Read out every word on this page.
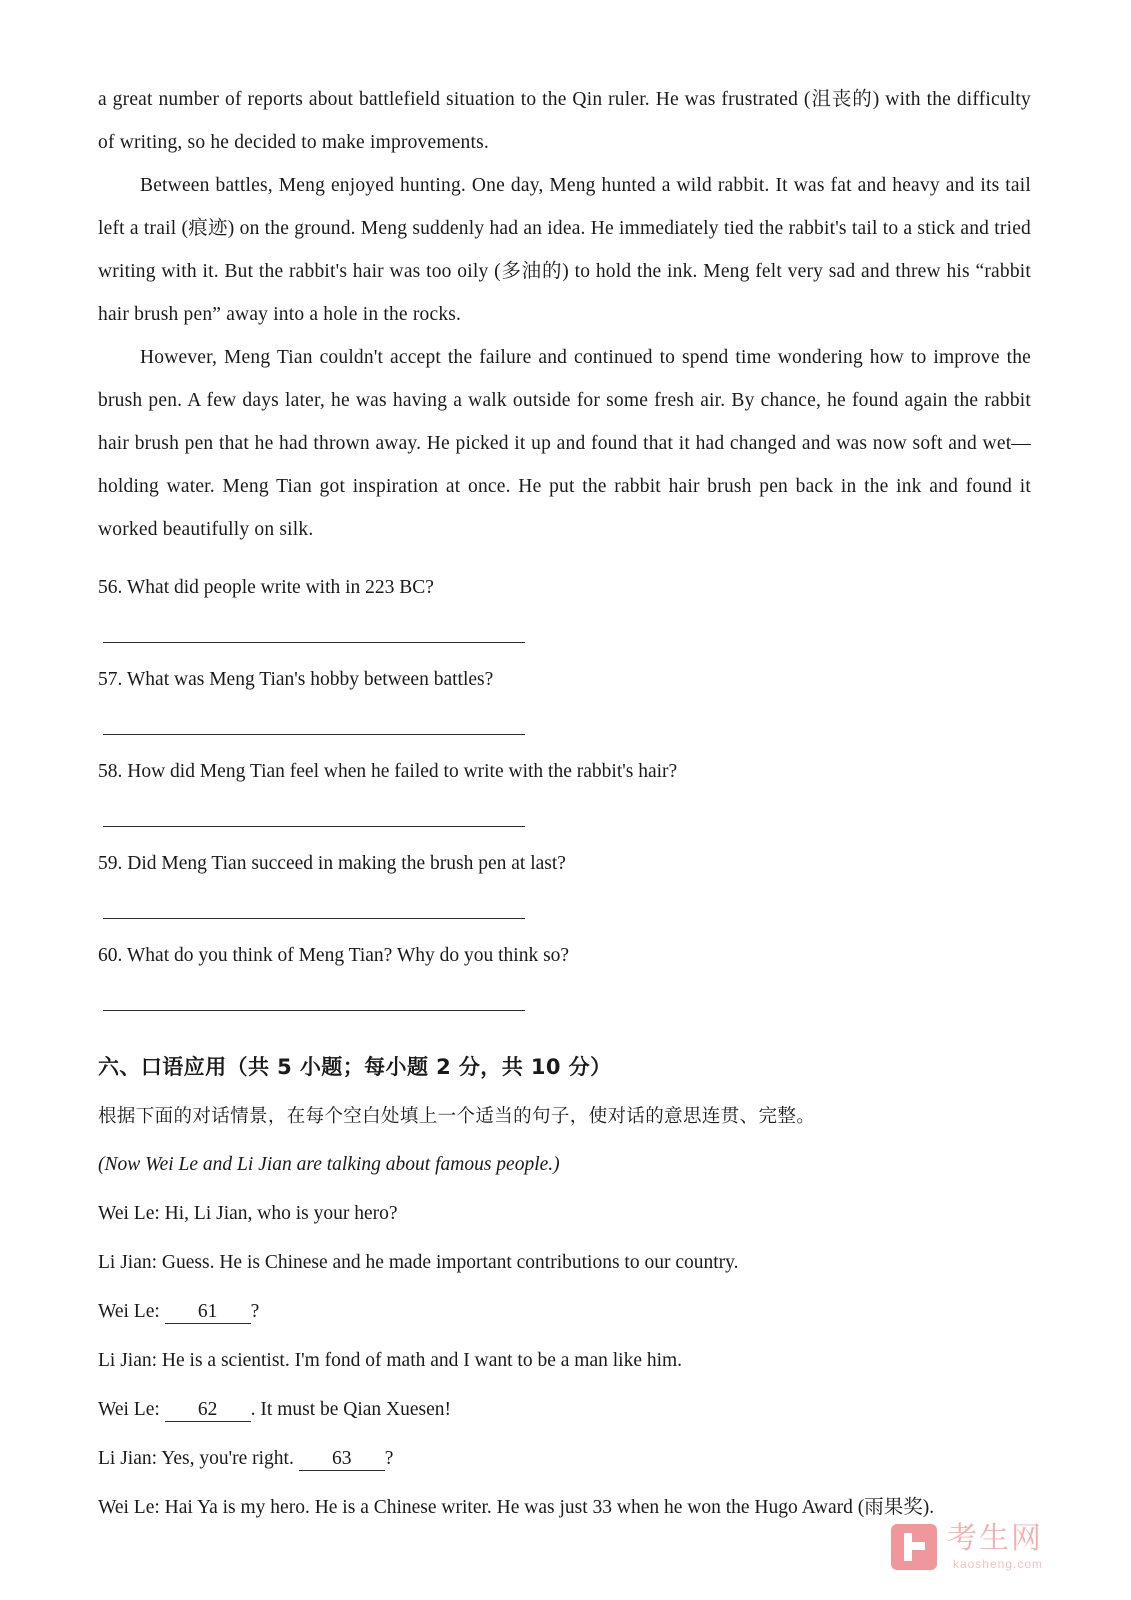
a great number of reports about battlefield situation to the Qin ruler. He was frustrated (沮丧的) with the difficulty of writing, so he decided to make improvements.

Between battles, Meng enjoyed hunting. One day, Meng hunted a wild rabbit. It was fat and heavy and its tail left a trail (痕迹) on the ground. Meng suddenly had an idea. He immediately tied the rabbit's tail to a stick and tried writing with it. But the rabbit's hair was too oily (多油的) to hold the ink. Meng felt very sad and threw his “rabbit hair brush pen” away into a hole in the rocks.

However, Meng Tian couldn't accept the failure and continued to spend time wondering how to improve the brush pen. A few days later, he was having a walk outside for some fresh air. By chance, he found again the rabbit hair brush pen that he had thrown away. He picked it up and found that it had changed and was now soft and wet—holding water. Meng Tian got inspiration at once. He put the rabbit hair brush pen back in the ink and found it worked beautifully on silk.

56. What did people write with in 223 BC?

57. What was Meng Tian's hobby between battles?

58. How did Meng Tian feel when he failed to write with the rabbit's hair?

59. Did Meng Tian succeed in making the brush pen at last?

60. What do you think of Meng Tian? Why do you think so?

六、口语应用（共 5 小题；每小题 2 分，共 10 分）
根据下面的对话情景，在每个空白处填上一个适当的句子，使对话的意思连贯、完整。

(Now Wei Le and Li Jian are talking about famous people.)

Wei Le: Hi, Li Jian, who is your hero?

Li Jian: Guess. He is Chinese and he made important contributions to our country.

Wei Le: 61 ?

Li Jian: He is a scientist. I'm fond of math and I want to be a man like him.

Wei Le: 62 . It must be Qian Xuesen!

Li Jian: Yes, you're right. 63 ?

Wei Le: Hai Ya is my hero. He is a Chinese writer. He was just 33 when he won the Hugo Award (雨果奖).

考生网
kaosheng.com
